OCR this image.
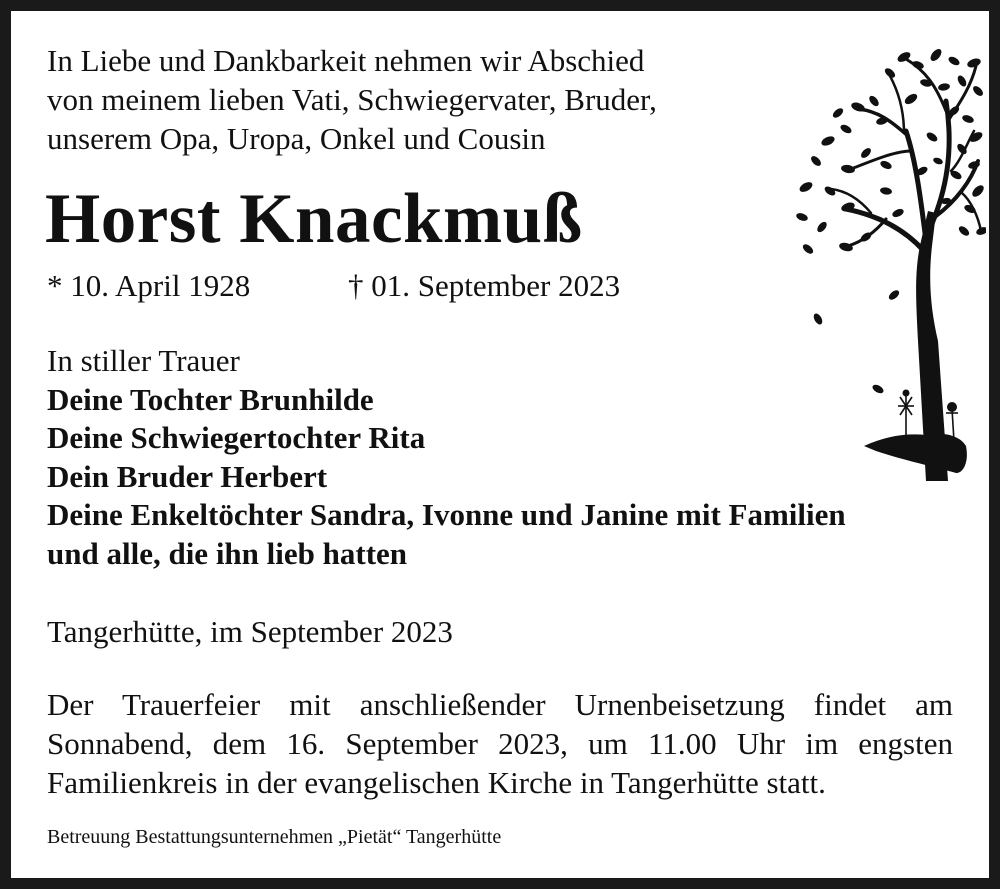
In Liebe und Dankbarkeit nehmen wir Abschied
von meinem lieben Vati, Schwiegervater, Bruder,
unserem Opa, Uropa, Onkel und Cousin
Horst Knackmuß
* 10. April 1928	† 01. September 2023
In stiller Trauer
Deine Tochter Brunhilde
Deine Schwiegertochter Rita
Dein Bruder Herbert
Deine Enkeltöchter Sandra, Ivonne und Janine mit Familien
und alle, die ihn lieb hatten
Tangerhütte, im September 2023
Der Trauerfeier mit anschließender Urnenbeisetzung findet am
Sonnabend, dem 16. September 2023, um 11.00 Uhr im engsten
Familienkreis in der evangelischen Kirche in Tangerhütte statt.
Betreuung Bestattungsunternehmen „Pietät“ Tangerhütte
